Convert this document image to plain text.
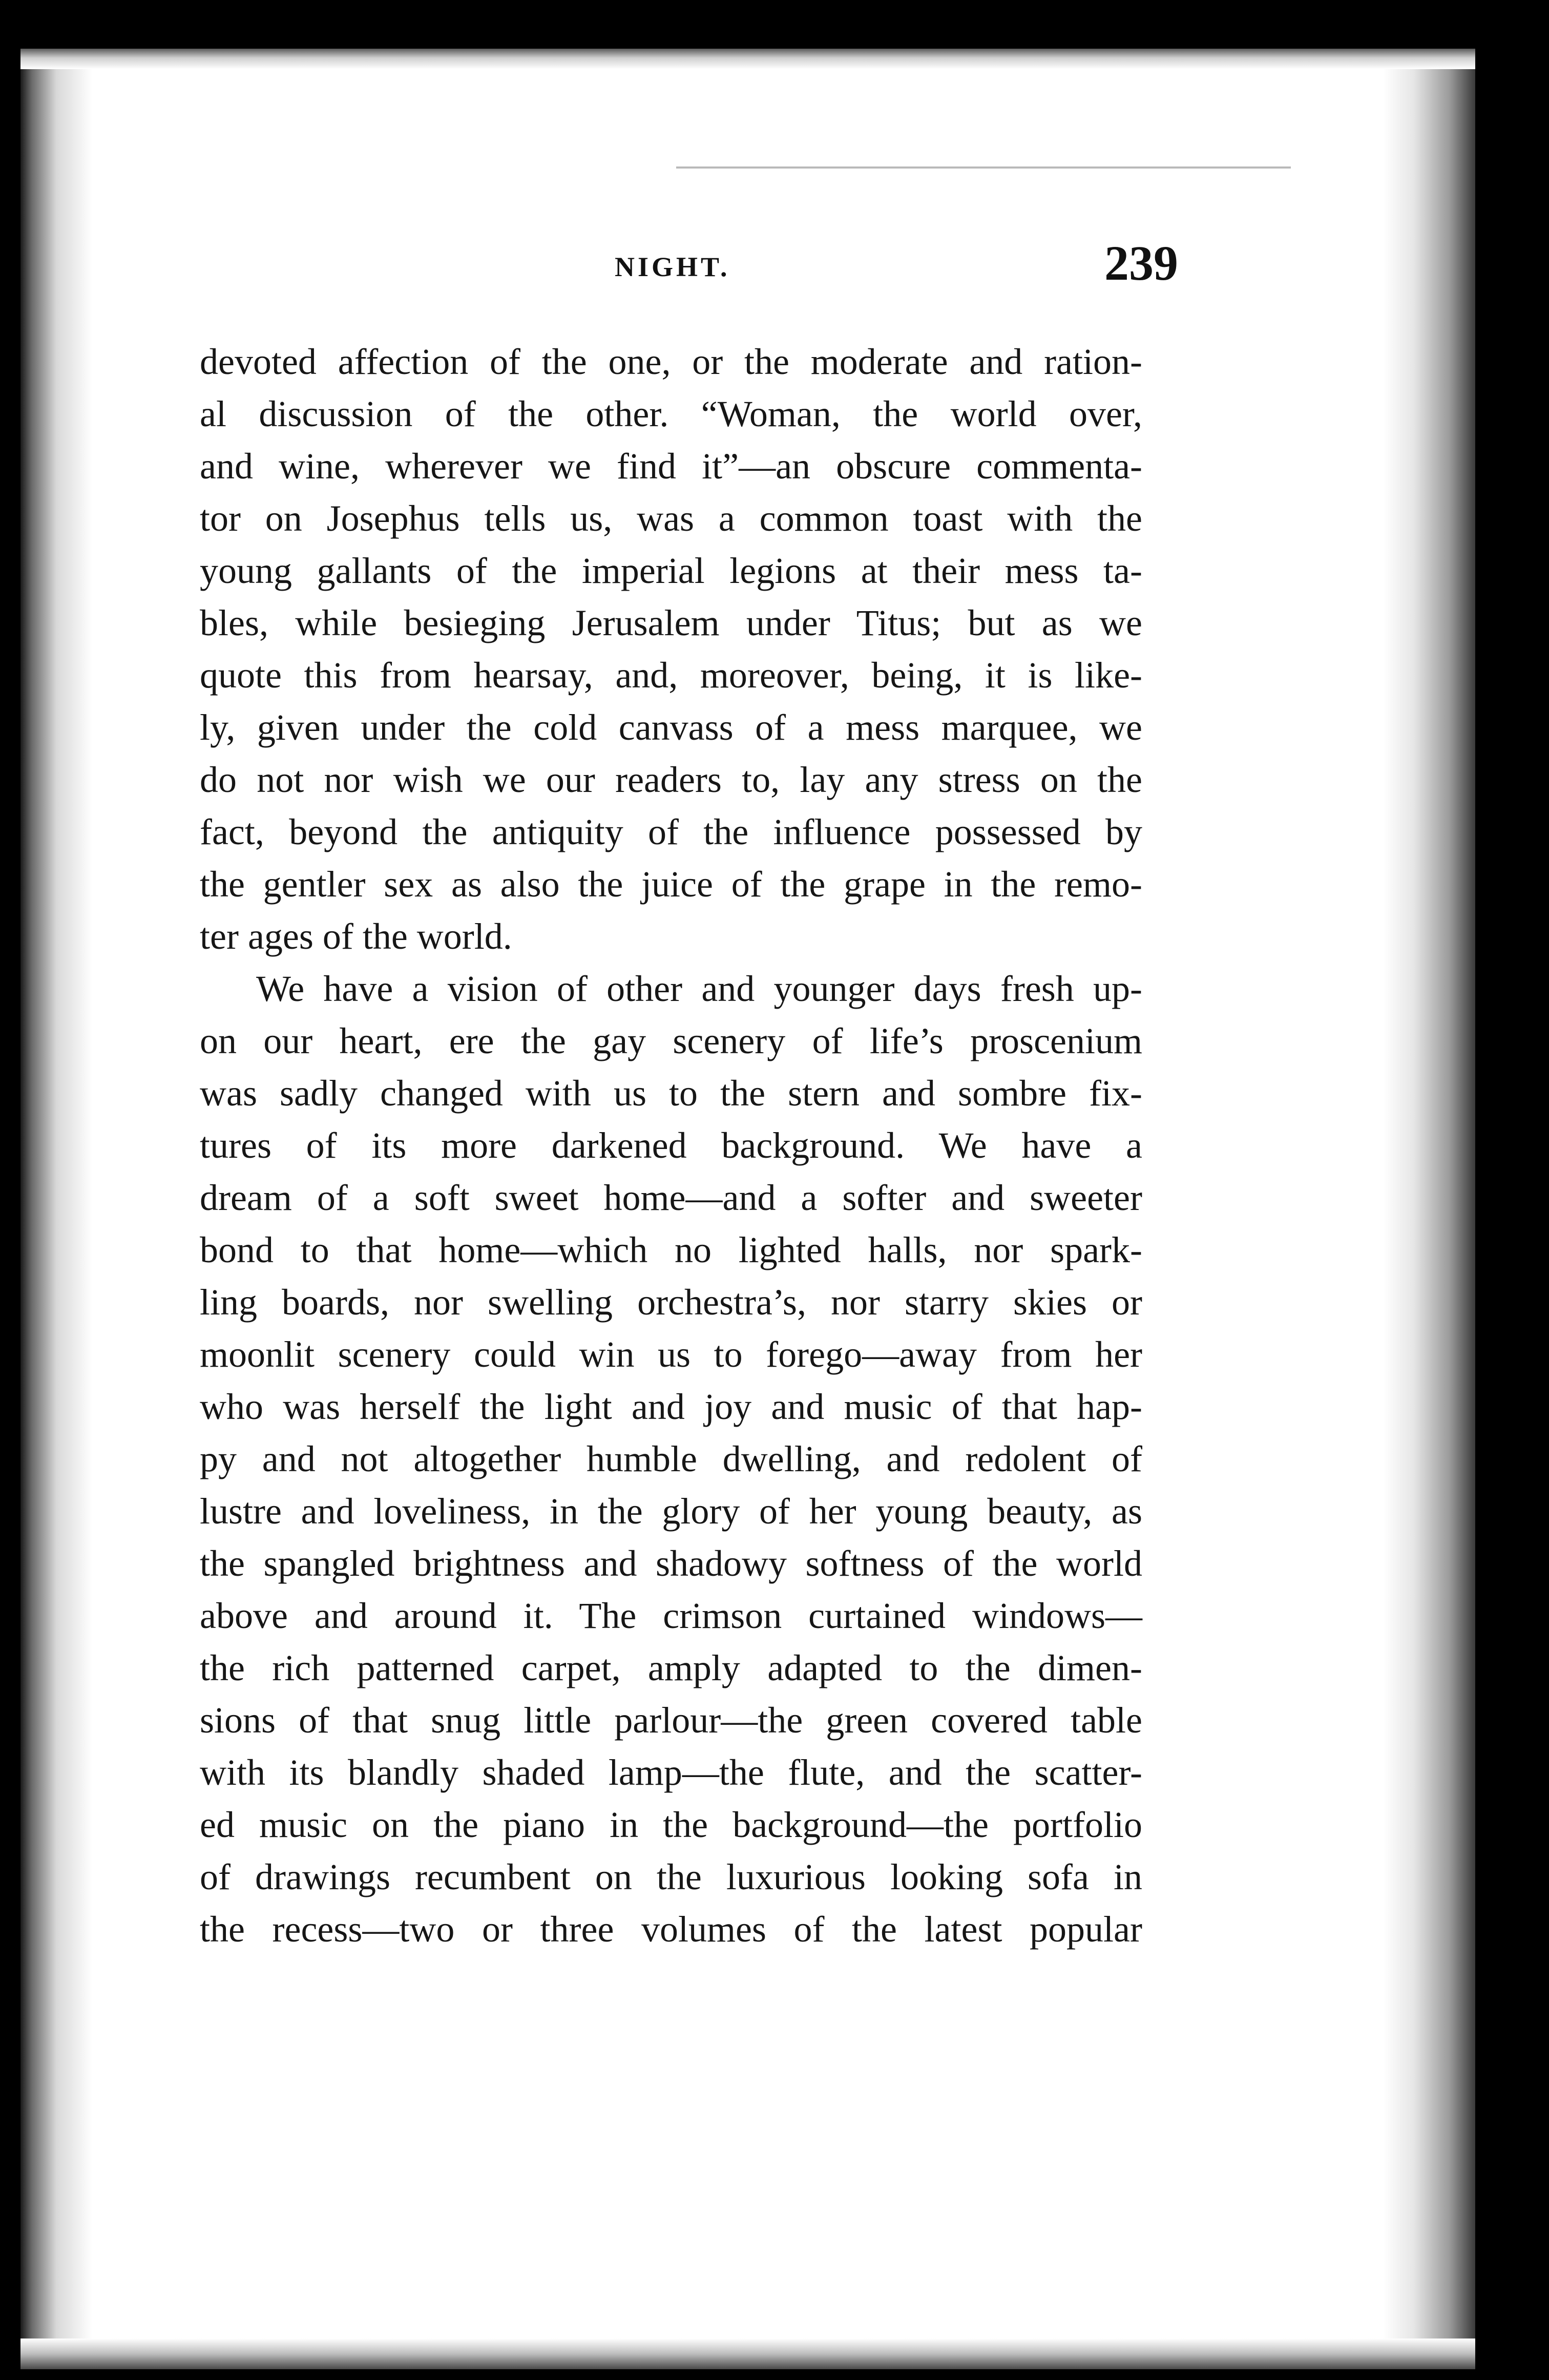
NIGHT.	239
devoted affection of the one, or the moderate and ration-
al discussion of the other. “Woman, the world over,
and wine, wherever we find it”—an obscure commenta-
tor on Josephus tells us, was a common toast with the
young gallants of the imperial legions at their mess ta-
bles, while besieging Jerusalem under Titus; but as we
quote this from hearsay, and, moreover, being, it is like-
ly, given under the cold canvass of a mess marquee, we
do not nor wish we our readers to, lay any stress on the
fact, beyond the antiquity of the influence possessed by
the gentler sex as also the juice of the grape in the remo-
ter ages of the world.
We have a vision of other and younger days fresh up-
on our heart, ere the gay scenery of life’s proscenium
was sadly changed with us to the stern and sombre fix-
tures of its more darkened background. We have a
dream of a soft sweet home—and a softer and sweeter
bond to that home—which no lighted halls, nor spark-
ling boards, nor swelling orchestra’s, nor starry skies or
moonlit scenery could win us to forego—away from her
who was herself the light and joy and music of that hap-
py and not altogether humble dwelling, and redolent of
lustre and loveliness, in the glory of her young beauty, as
the spangled brightness and shadowy softness of the world
above and around it. The crimson curtained windows—
the rich patterned carpet, amply adapted to the dimen-
sions of that snug little parlour—the green covered table
with its blandly shaded lamp—the flute, and the scatter-
ed music on the piano in the background—the portfolio
of drawings recumbent on the luxurious looking sofa in
the recess—two or three volumes of the latest popular
